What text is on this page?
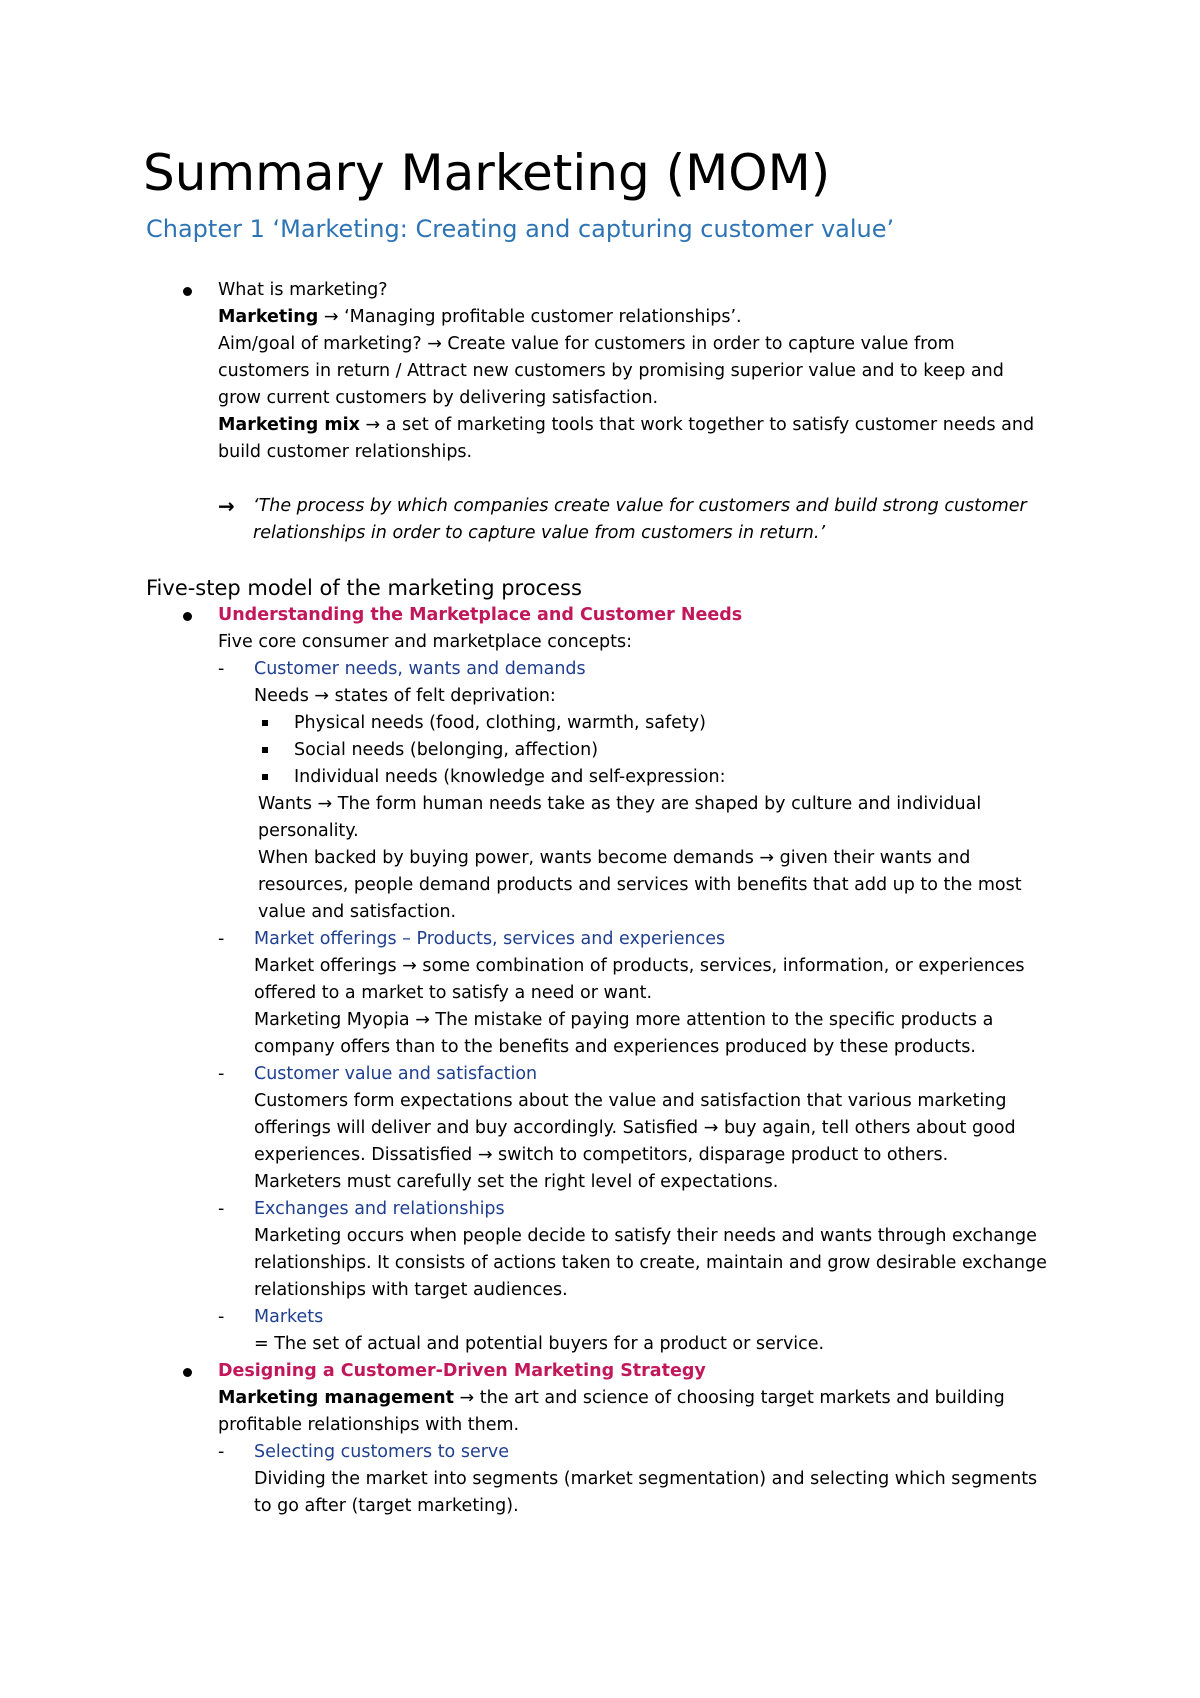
Summary Marketing (MOM)
Chapter 1 ‘Marketing: Creating and capturing customer value’
What is marketing?
Marketing → ‘Managing profitable customer relationships’.
Aim/goal of marketing? → Create value for customers in order to capture value from
customers in return / Attract new customers by promising superior value and to keep and
grow current customers by delivering satisfaction.
Marketing mix → a set of marketing tools that work together to satisfy customer needs and
build customer relationships.
→ ‘The process by which companies create value for customers and build strong customer
relationships in order to capture value from customers in return.’
Five-step model of the marketing process
Understanding the Marketplace and Customer Needs
Five core consumer and marketplace concepts:
- Customer needs, wants and demands
Needs → states of felt deprivation:
Physical needs (food, clothing, warmth, safety)
Social needs (belonging, affection)
Individual needs (knowledge and self-expression:
Wants → The form human needs take as they are shaped by culture and individual
personality.
When backed by buying power, wants become demands → given their wants and
resources, people demand products and services with benefits that add up to the most
value and satisfaction.
- Market offerings – Products, services and experiences
Market offerings → some combination of products, services, information, or experiences
offered to a market to satisfy a need or want.
Marketing Myopia → The mistake of paying more attention to the specific products a
company offers than to the benefits and experiences produced by these products.
- Customer value and satisfaction
Customers form expectations about the value and satisfaction that various marketing
offerings will deliver and buy accordingly. Satisfied → buy again, tell others about good
experiences. Dissatisfied → switch to competitors, disparage product to others.
Marketers must carefully set the right level of expectations.
- Exchanges and relationships
Marketing occurs when people decide to satisfy their needs and wants through exchange
relationships. It consists of actions taken to create, maintain and grow desirable exchange
relationships with target audiences.
- Markets
= The set of actual and potential buyers for a product or service.
Designing a Customer-Driven Marketing Strategy
Marketing management → the art and science of choosing target markets and building
profitable relationships with them.
- Selecting customers to serve
Dividing the market into segments (market segmentation) and selecting which segments
to go after (target marketing).
